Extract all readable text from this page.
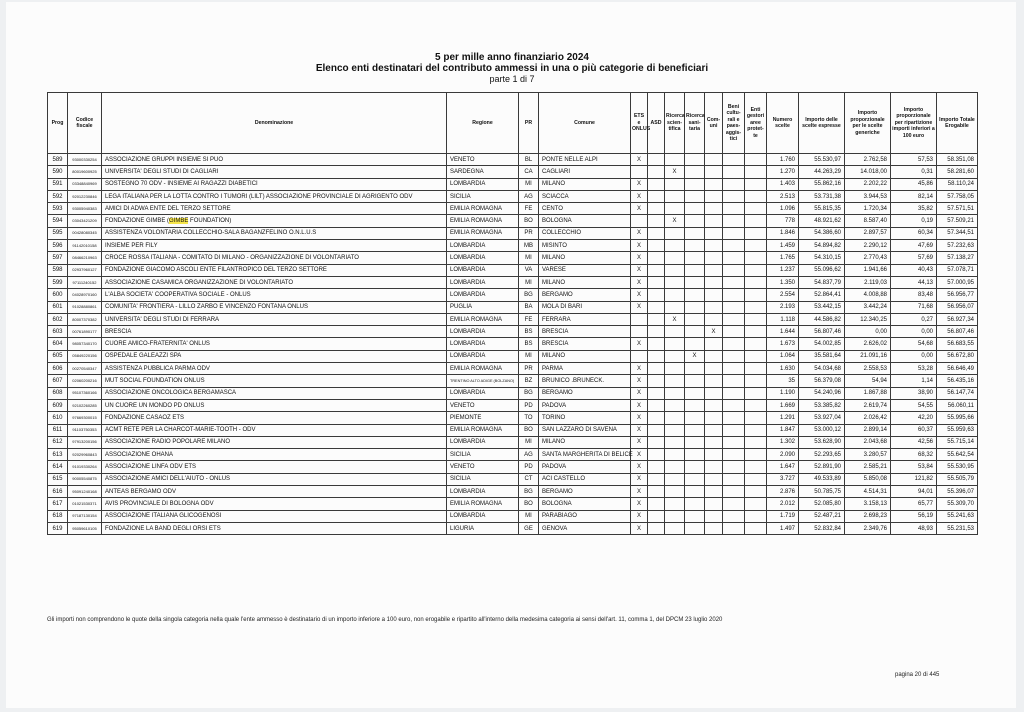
5 per mille anno finanziario 2024
Elenco enti destinatari del contributo ammessi in una o più categorie di beneficiari
parte 1 di 7
Prog	Codice fiscale	Denominazione	Regione	PR	Comune	ETS e ONLUS	ASD	Ricerca scien- tifica	Ricerca sani- taria	Com- uni	Beni cultu- rali e paes- aggis- tici	Enti gestori aree protet- te	Numero scelte	Importo delle scelte espresse	Importo proporzionale per le scelte generiche	Importo proporzionale per ripartizione importi inferiori a 100 euro	Importo Totale Erogabile
589	93000330254	ASSOCIAZIONE GRUPPI INSIEME SI PUO	VENETO	BL	PONTE NELLE ALPI	X							1.760	55.530,97	2.762,58	57,53	58.351,08
590	80019600925	UNIVERSITA' DEGLI STUDI DI CAGLIARI	SARDEGNA	CA	CAGLIARI			X					1.270	44.263,29	14.018,00	0,31	58.281,60
591	03348840969	SOSTEGNO 70 ODV - INSIEME AI RAGAZZI DIABETICI	LOMBARDIA	MI	MILANO	X							1.403	55.862,16	2.202,22	45,86	58.110,24
592	92012230846	LEGA ITALIANA PER LA LOTTA CONTRO I TUMORI (LILT) ASSOCIAZIONE PROVINCIALE DI AGRIGENTO ODV	SICILIA	AG	SCIACCA	X							2.513	53.731,38	3.944,53	82,14	57.758,05
593	93005940383	AMICI DI ADWA ENTE DEL TERZO SETTORE	EMILIA ROMAGNA	FE	CENTO	X							1.096	55.815,35	1.720,34	35,82	57.571,51
594	03043421209	FONDAZIONE GIMBE (GIMBE FOUNDATION)	EMILIA ROMAGNA	BO	BOLOGNA			X					778	48.921,62	8.587,40	0,19	57.509,21
595	00428080345	ASSISTENZA VOLONTARIA COLLECCHIO-SALA BAGANZFELINO O.N.L.U.S	EMILIA ROMAGNA	PR	COLLECCHIO	X							1.846	54.386,60	2.897,57	60,34	57.344,51
596	91142010158	INSIEME PER FILY	LOMBARDIA	MB	MISINTO	X							1.459	54.894,82	2.290,12	47,69	57.232,63
597	08466210963	CROCE ROSSA ITALIANA - COMITATO DI MILANO - ORGANIZZAZIONE DI VOLONTARIATO	LOMBARDIA	MI	MILANO	X							1.765	54.310,15	2.770,43	57,69	57.138,27
598	02937960127	FONDAZIONE GIACOMO ASCOLI ENTE FILANTROPICO DEL TERZO SETTORE	LOMBARDIA	VA	VARESE	X							1.237	55.096,62	1.941,66	40,43	57.078,71
599	97111240152	ASSOCIAZIONE CASAMICA ORGANIZZAZIONE DI VOLONTARIATO	LOMBARDIA	MI	MILANO	X							1.350	54.837,79	2.119,03	44,13	57.000,95
600	04028970160	L'ALBA SOCIETA' COOPERATIVA SOCIALE - ONLUS	LOMBARDIA	BG	BERGAMO	X							2.554	52.864,41	4.008,88	83,48	56.956,77
601	91028880861	COMUNITA' FRONTIERA - LILLO ZARBO E VINCENZO FONTANA ONLUS	PUGLIA	BA	MOLA DI BARI	X							2.193	53.442,15	3.442,24	71,68	56.956,07
602	80007370382	UNIVERSITA' DEGLI STUDI DI FERRARA	EMILIA ROMAGNA	FE	FERRARA			X					1.118	44.586,82	12.340,25	0,27	56.927,34
603	00761890177	BRESCIA	LOMBARDIA	BS	BRESCIA					X			1.644	56.807,46	0,00	0,00	56.807,46
604	98057340170	CUORE AMICO-FRATERNITA' ONLUS	LOMBARDIA	BS	BRESCIA	X							1.673	54.002,85	2.626,02	54,68	56.683,55
605	05849220156	OSPEDALE GALEAZZI SPA	LOMBARDIA	MI	MILANO				X				1.064	35.581,64	21.091,16	0,00	56.672,80
606	00270540347	ASSISTENZA PUBBLICA PARMA ODV	EMILIA ROMAGNA	PR	PARMA	X							1.630	54.034,68	2.558,53	53,28	56.646,49
607	02060200216	MUT SOCIAL FOUNDATION ONLUS	TRENTINO ALTO ADIGE (BOLZANO)	BZ	BRUNICO .BRUNECK.	X							35	56.379,08	54,94	1,14	56.435,16
608	95107360166	ASSOCIAZIONE ONCOLOGICA BERGAMASCA	LOMBARDIA	BG	BERGAMO	X							1.190	54.240,96	1.867,88	38,90	56.147,74
609	92102260285	UN CUORE UN MONDO PD ONLUS	VENETO	PD	PADOVA	X							1.669	53.385,82	2.619,74	54,55	56.060,11
610	97669300015	FONDAZIONE CASAOZ ETS	PIEMONTE	TO	TORINO	X							1.291	53.927,04	2.026,42	42,20	55.995,66
611	91103750353	ACMT RETE PER LA CHARCOT-MARIE-TOOTH - ODV	EMILIA ROMAGNA	BO	SAN LAZZARO DI SAVENA	X							1.847	53.000,12	2.899,14	60,37	55.959,63
612	97913200156	ASSOCIAZIONE RADIO POPOLARE MILANO	LOMBARDIA	MI	MILANO	X							1.302	53.628,90	2.043,68	42,56	55.715,14
613	92029960843	ASSOCIAZIONE OHANA	SICILIA	AG	SANTA MARGHERITA DI BELICE	X							2.090	52.293,65	3.280,57	68,32	55.642,54
614	91019330264	ASSOCIAZIONE LINFA ODV ETS	VENETO	PD	PADOVA	X							1.647	52.891,90	2.585,21	53,84	55.530,95
615	90005540875	ASSOCIAZIONE AMICI DELL'AIUTO - ONLUS	SICILIA	CT	ACI CASTELLO	X							3.727	49.533,89	5.850,08	121,82	55.505,79
616	95091240168	ANTEAS BERGAMO ODV	LOMBARDIA	BG	BERGAMO	X							2.876	50.785,75	4.514,31	94,01	55.396,07
617	01021530371	AVIS PROVINCIALE DI BOLOGNA ODV	EMILIA ROMAGNA	BO	BOLOGNA	X							2.012	52.085,80	3.158,13	65,77	55.309,70
618	97187130154	ASSOCIAZIONE ITALIANA GLICOGENOSI	LOMBARDIA	MI	PARABIAGO	X							1.719	52.487,21	2.698,23	56,19	55.241,63
619	95059610105	FONDAZIONE LA BAND DEGLI ORSI ETS	LIGURIA	GE	GENOVA	X							1.497	52.832,84	2.349,76	48,93	55.231,53
Gli importi non comprendono le quote della singola categoria nella quale l'ente ammesso è destinatario di un importo inferiore a 100 euro, non erogabile e ripartito all'interno della medesima categoria ai sensi dell'art. 11, comma 1, del DPCM 23 luglio 2020
pagina 20 di 445
